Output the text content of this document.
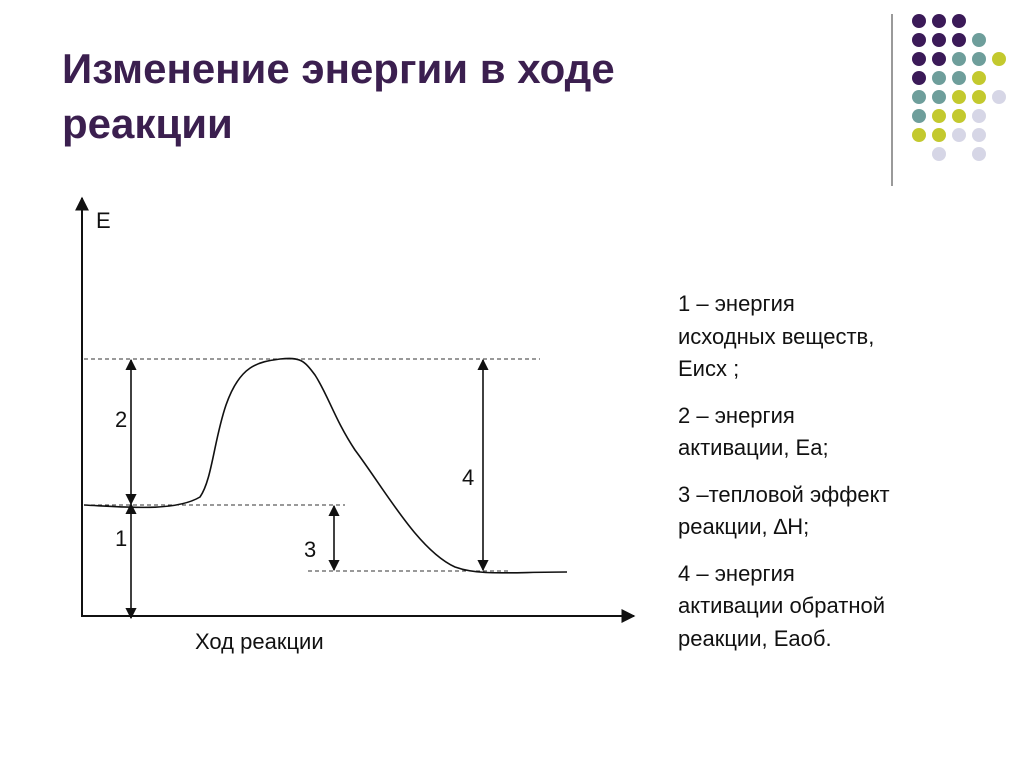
Изменение энергии в ходе
реакции
E
2
1	3
4
Ход реакции
1 – энергия
исходных веществ,
Еисх ;
2 – энергия
активации, Еа;
3 –тепловой эффект
реакции, ∆Н;
4 – энергия
активации обратной
реакции, Еаоб.
